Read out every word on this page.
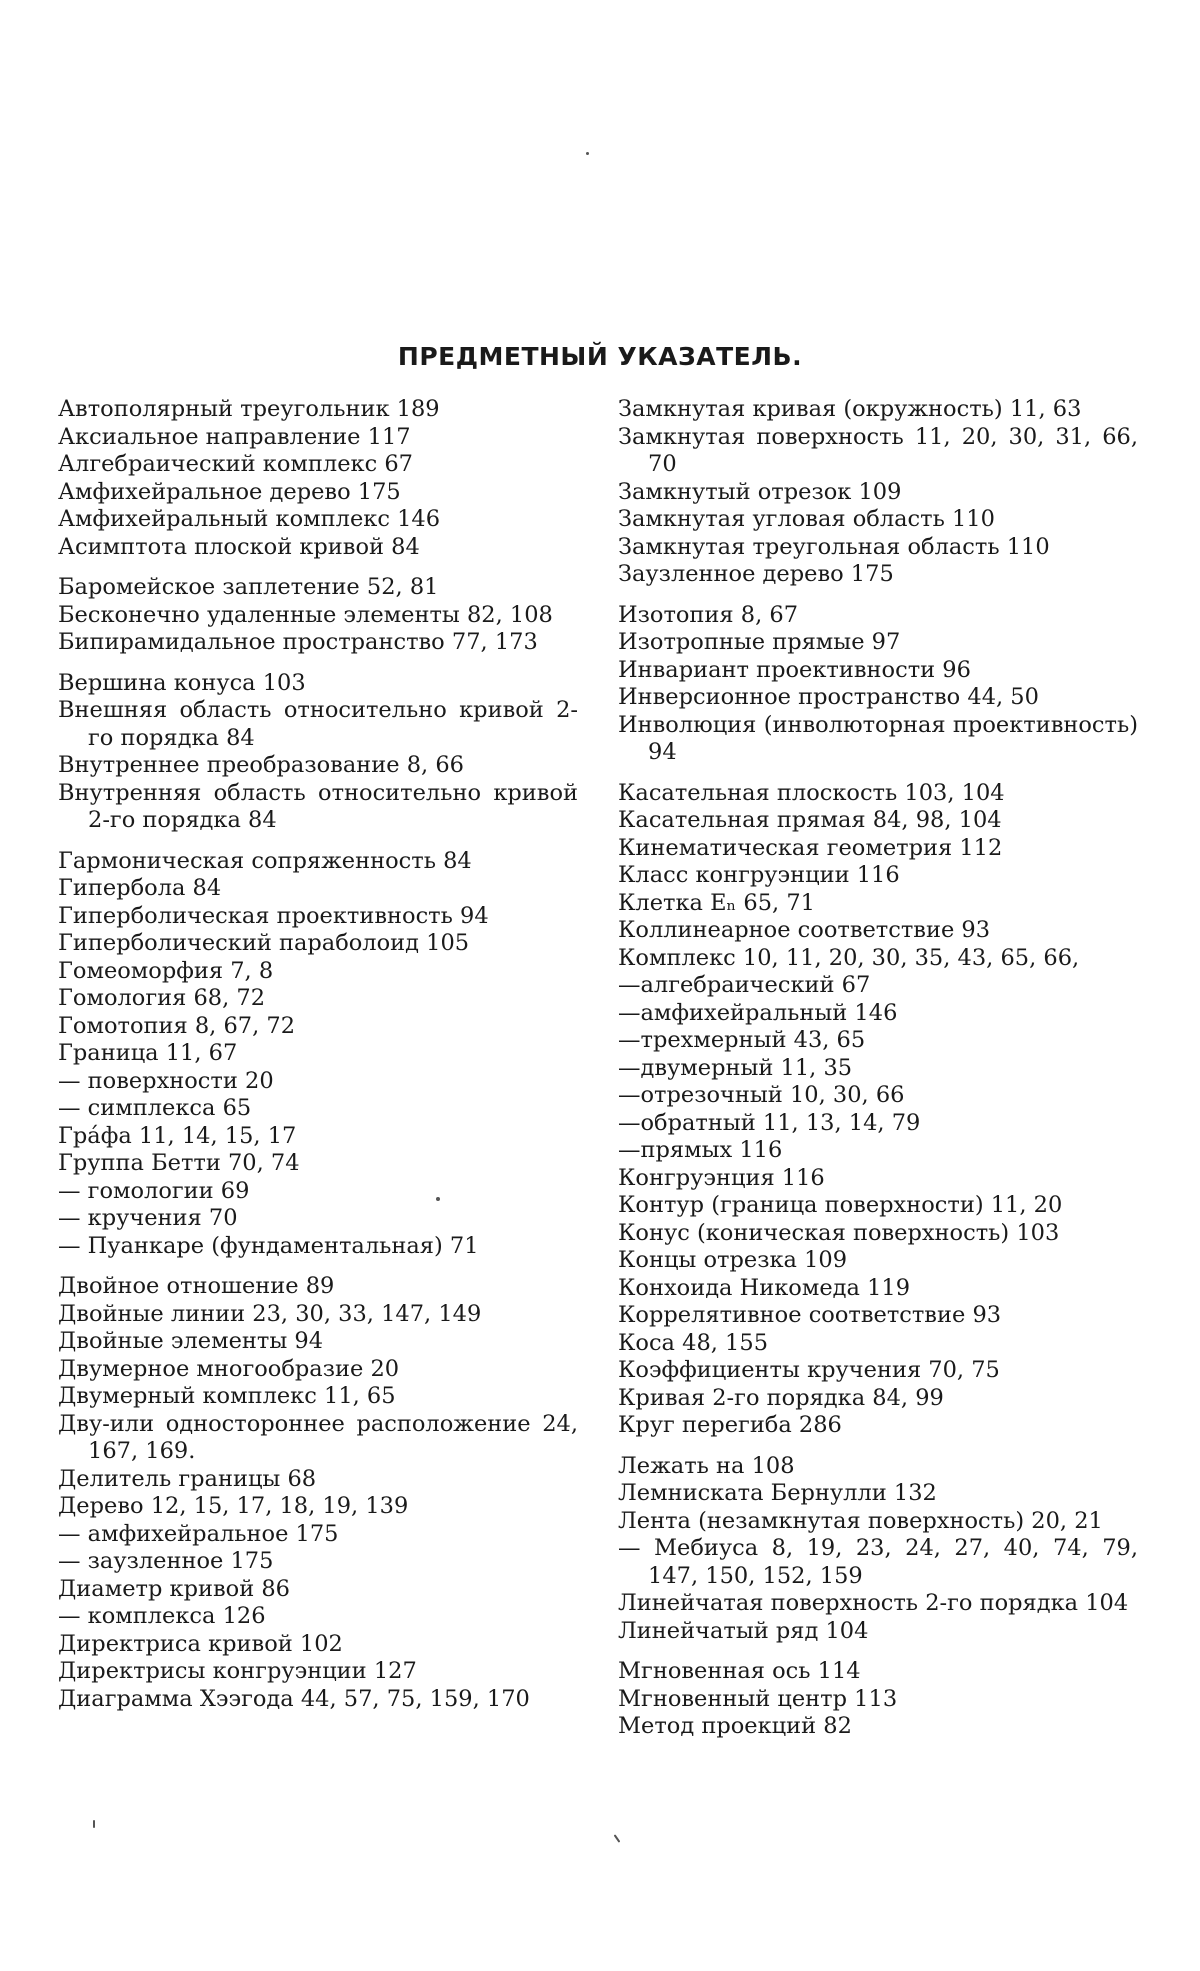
ПРЕДМЕТНЫЙ УКАЗАТЕЛЬ.
Автополярный треугольник 189
Аксиальное направление 117
Алгебраический комплекс 67
Амфихейральное дерево 175
Амфихейральный комплекс 146
Асимптота плоской кривой 84
Баромейское заплетение 52, 81
Бесконечно удаленные элементы 82, 108
Бипирамидальное пространство 77, 173
Вершина конуса 103
Внешняя область относительно кривой 2-го порядка 84
Внутреннее преобразование 8, 66
Внутренняя область относительно кривой 2-го порядка 84
Гармоническая сопряженность 84
Гипербола 84
Гиперболическая проективность 94
Гиперболический параболоид 105
Гомеоморфия 7, 8
Гомология 68, 72
Гомотопия 8, 67, 72
Граница 11, 67
— поверхности 20
— симплекса 65
Гра́фа 11, 14, 15, 17
Группа Бетти 70, 74
— гомологии 69
— кручения 70
— Пуанкаре (фундаментальная) 71
Двойное отношение 89
Двойные линии 23, 30, 33, 147, 149
Двойные элементы 94
Двумерное многообразие 20
Двумерный комплекс 11, 65
Дву-или одностороннее расположение 24, 167, 169.
Делитель границы 68
Дерево 12, 15, 17, 18, 19, 139
— амфихейральное 175
— заузленное 175
Диаметр кривой 86
— комплекса 126
Директриса кривой 102
Директрисы конгруэнции 127
Диаграмма Хээгода 44, 57, 75, 159, 170
Замкнутая кривая (окружность) 11, 63
Замкнутая поверхность 11, 20, 30, 31, 66, 70
Замкнутый отрезок 109
Замкнутая угловая область 110
Замкнутая треугольная область 110
Заузленное дерево 175
Изотопия 8, 67
Изотропные прямые 97
Инвариант проективности 96
Инверсионное пространство 44, 50
Инволюция (инволюторная проективность) 94
Касательная плоскость 103, 104
Касательная прямая 84, 98, 104
Кинематическая геометрия 112
Класс конгруэнции 116
Клетка Eₙ 65, 71
Коллинеарное соответствие 93
Комплекс 10, 11, 20, 30, 35, 43, 65, 66,
—алгебраический 67
—амфихейральный 146
—трехмерный 43, 65
—двумерный 11, 35
—отрезочный 10, 30, 66
—обратный 11, 13, 14, 79
—прямых 116
Конгруэнция 116
Контур (граница поверхности) 11, 20
Конус (коническая поверхность) 103
Концы отрезка 109
Конхоида Никомеда 119
Коррелятивное соответствие 93
Коса 48, 155
Коэффициенты кручения 70, 75
Кривая 2-го порядка 84, 99
Круг перегиба 286
Лежать на 108
Лемниската Бернулли 132
Лента (незамкнутая поверхность) 20, 21
— Мебиуса 8, 19, 23, 24, 27, 40, 74, 79, 147, 150, 152, 159
Линейчатая поверхность 2-го порядка 104
Линейчатый ряд 104
Мгновенная ось 114
Мгновенный центр 113
Метод проекций 82
